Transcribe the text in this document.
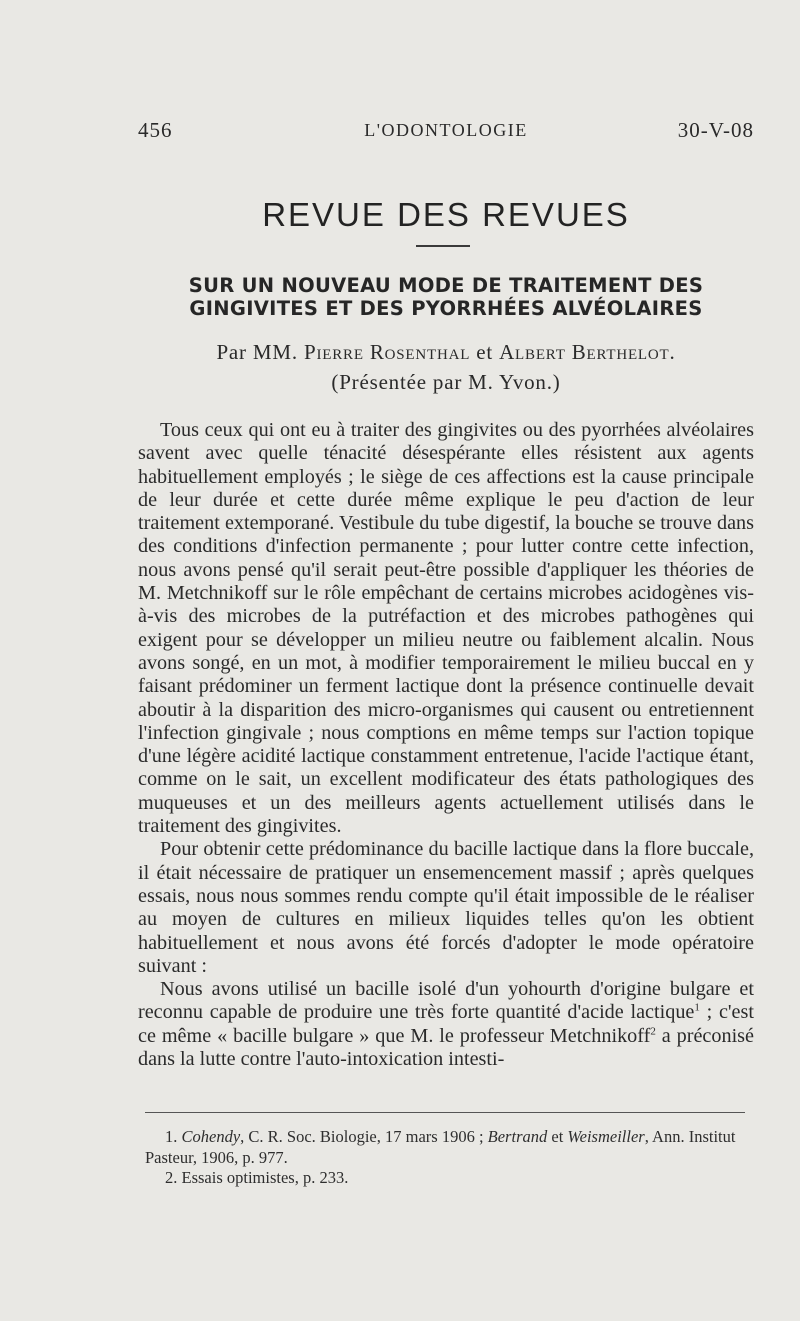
456	L'ODONTOLOGIE	30-V-08
REVUE DES REVUES
SUR UN NOUVEAU MODE DE TRAITEMENT DES
GINGIVITES ET DES PYORRHÉES ALVÉOLAIRES
Par MM. Pierre Rosenthal et Albert Berthelot.
(Présentée par M. Yvon.)

Tous ceux qui ont eu à traiter des gingivites ou des pyorrhées alvéolaires savent avec quelle ténacité désespérante elles résistent aux agents habituellement employés ; le siège de ces affections est la cause principale de leur durée et cette durée même explique le peu d'action de leur traitement extemporané. Vestibule du tube digestif, la bouche se trouve dans des conditions d'infection permanente ; pour lutter contre cette infection, nous avons pensé qu'il serait peut-être possible d'appliquer les théories de M. Metchnikoff sur le rôle empêchant de certains microbes acidogènes vis-à-vis des microbes de la putréfaction et des microbes pathogènes qui exigent pour se développer un milieu neutre ou faiblement alcalin. Nous avons songé, en un mot, à modifier temporairement le milieu buccal en y faisant prédominer un ferment lactique dont la présence continuelle devait aboutir à la disparition des micro-organismes qui causent ou entretiennent l'infection gingivale ; nous comptions en même temps sur l'action topique d'une légère acidité lactique constamment entretenue, l'acide l'actique étant, comme on le sait, un excellent modificateur des états pathologiques des muqueuses et un des meilleurs agents actuellement utilisés dans le traitement des gingivites.

Pour obtenir cette prédominance du bacille lactique dans la flore buccale, il était nécessaire de pratiquer un ensemencement massif ; après quelques essais, nous nous sommes rendu compte qu'il était impossible de le réaliser au moyen de cultures en milieux liquides telles qu'on les obtient habituellement et nous avons été forcés d'adopter le mode opératoire suivant :

Nous avons utilisé un bacille isolé d'un yohourth d'origine bulgare et reconnu capable de produire une très forte quantité d'acide lactique$^1$ ; c'est ce même « bacille bulgare » que M. le professeur Metchnikoff$^2$ a préconisé dans la lutte contre l'auto-intoxication intesti-

1. Cohendy, C. R. Soc. Biologie, 17 mars 1906 ; Bertrand et Weismeiller, Ann. Institut Pasteur, 1906, p. 977.
2. Essais optimistes, p. 233.
